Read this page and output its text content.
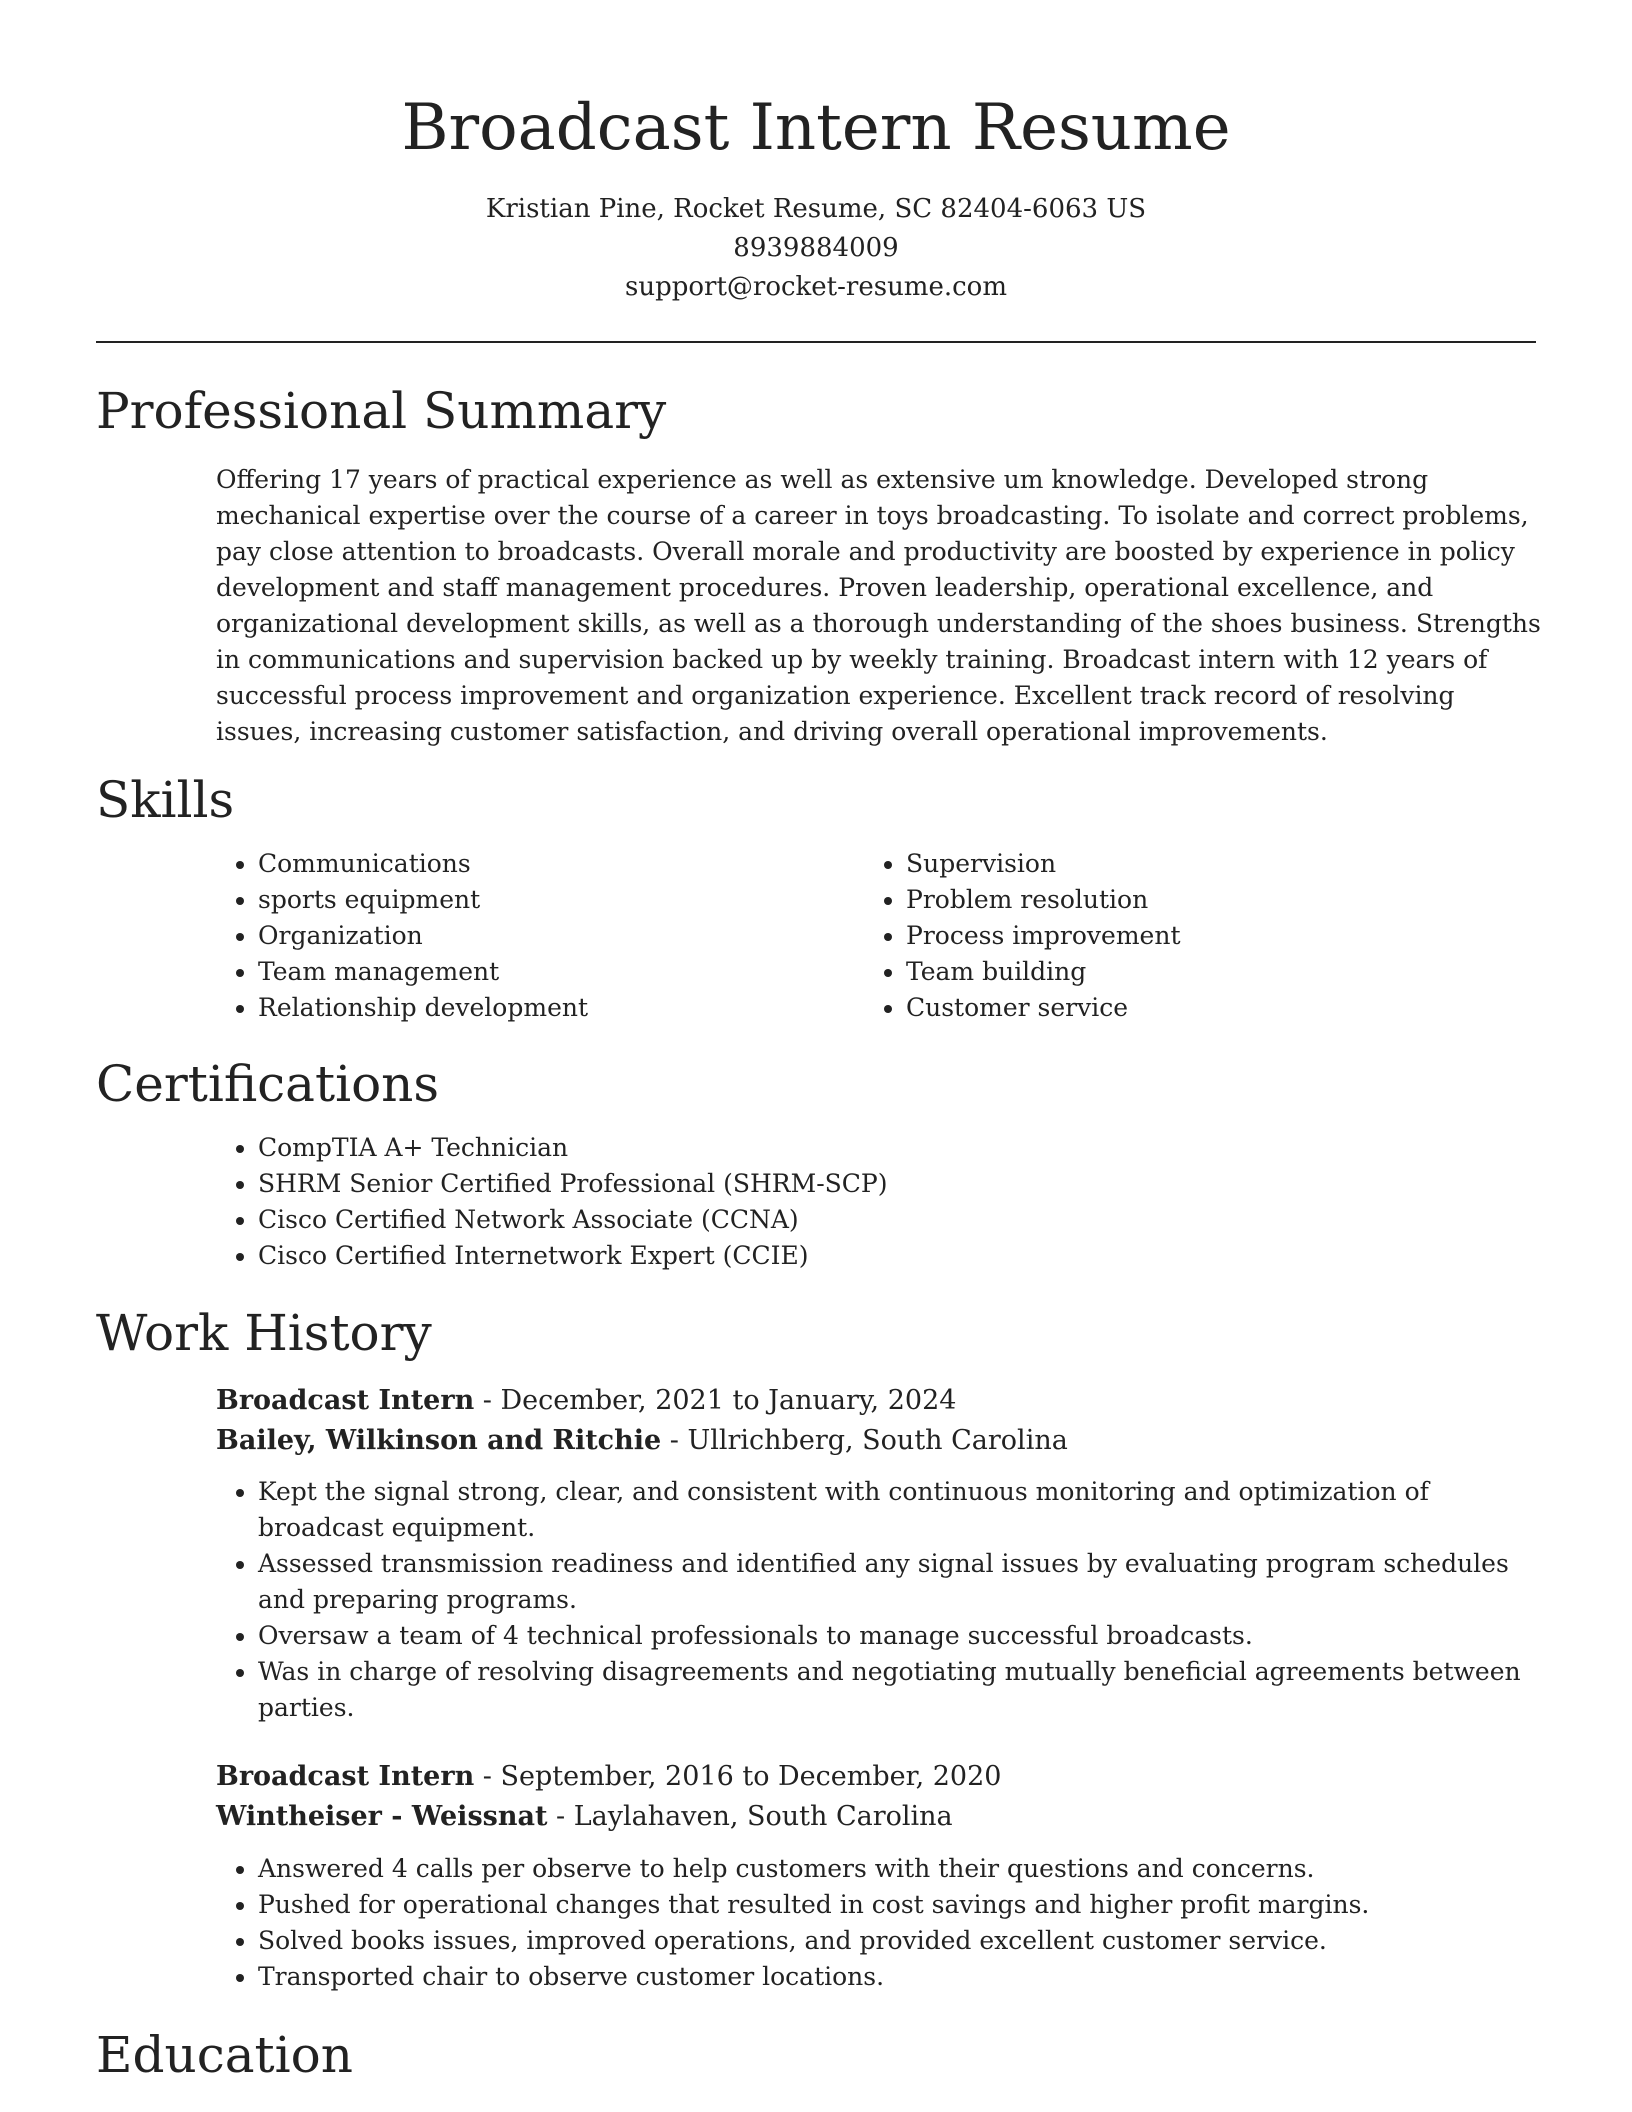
Broadcast Intern Resume

Kristian Pine, Rocket Resume, SC 82404-6063 US

8939884009

support@rocket-resume.com

Professional Summary

Offering 17 years of practical experience as well as extensive um knowledge. Developed strong mechanical expertise over the course of a career in toys broadcasting. To isolate and correct problems, pay close attention to broadcasts. Overall morale and productivity are boosted by experience in policy development and staff management procedures. Proven leadership, operational excellence, and organizational development skills, as well as a thorough understanding of the shoes business. Strengths in communications and supervision backed up by weekly training. Broadcast intern with 12 years of successful process improvement and organization experience. Excellent track record of resolving issues, increasing customer satisfaction, and driving overall operational improvements.

Skills
• Communications
• sports equipment
• Organization
• Team management
• Relationship development
• Supervision
• Problem resolution
• Process improvement
• Team building
• Customer service
Certifications
• CompTIA A+ Technician
• SHRM Senior Certified Professional (SHRM-SCP)
• Cisco Certified Network Associate (CCNA)
• Cisco Certified Internetwork Expert (CCIE)
Work History

Broadcast Intern - December, 2021 to January, 2024

Bailey, Wilkinson and Ritchie - Ullrichberg, South Carolina

• Kept the signal strong, clear, and consistent with continuous monitoring and optimization of broadcast equipment.
• Assessed transmission readiness and identified any signal issues by evaluating program schedules and preparing programs.
• Oversaw a team of 4 technical professionals to manage successful broadcasts.
• Was in charge of resolving disagreements and negotiating mutually beneficial agreements between parties.

Broadcast Intern - September, 2016 to December, 2020

Wintheiser - Weissnat - Laylahaven, South Carolina

• Answered 4 calls per observe to help customers with their questions and concerns.
• Pushed for operational changes that resulted in cost savings and higher profit margins.
• Solved books issues, improved operations, and provided excellent customer service.
• Transported chair to observe customer locations.
Education
